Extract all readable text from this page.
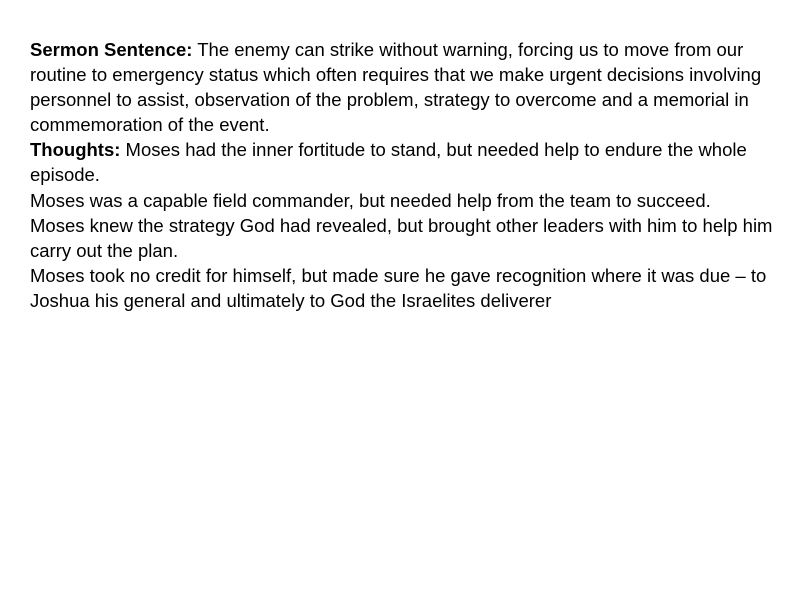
Sermon Sentence: The enemy can strike without warning, forcing us to move from our routine to emergency status which often requires that we make urgent decisions involving personnel to assist, observation of the problem, strategy to overcome and a memorial in commemoration of the event.

Thoughts: Moses had the inner fortitude to stand, but needed help to endure the whole episode.

Moses was a capable field commander, but needed help from the team to succeed.

Moses knew the strategy God had revealed, but brought other leaders with him to help him carry out the plan.

Moses took no credit for himself, but made sure he gave recognition where it was due – to Joshua his general and ultimately to God the Israelites deliverer
